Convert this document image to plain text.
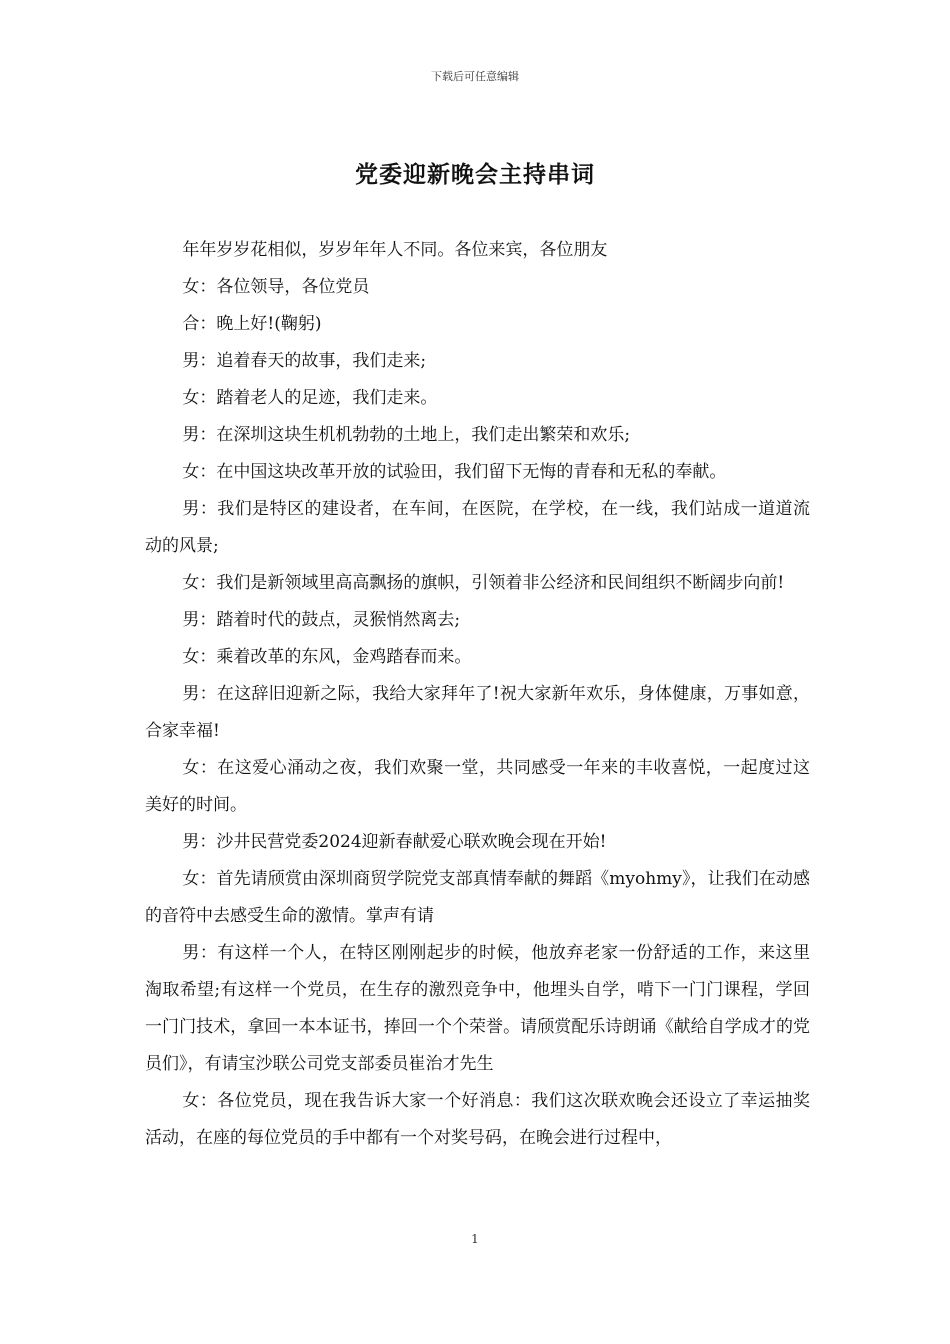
下载后可任意编辑
党委迎新晚会主持串词

年年岁岁花相似，岁岁年年人不同。各位来宾，各位朋友

女：各位领导，各位党员

合：晚上好!(鞠躬)

男：追着春天的故事，我们走来;

女：踏着老人的足迹，我们走来。

男：在深圳这块生机机勃勃的土地上，我们走出繁荣和欢乐;

女：在中国这块改革开放的试验田，我们留下无悔的青春和无私的奉献。

男：我们是特区的建设者，在车间，在医院，在学校，在一线，我们站成一道道流动的风景;

女：我们是新领域里高高飘扬的旗帜，引领着非公经济和民间组织不断阔步向前!

男：踏着时代的鼓点，灵猴悄然离去;

女：乘着改革的东风，金鸡踏春而来。

男：在这辞旧迎新之际，我给大家拜年了!祝大家新年欢乐，身体健康，万事如意，合家幸福!

女：在这爱心涌动之夜，我们欢聚一堂，共同感受一年来的丰收喜悦，一起度过这美好的时间。

男：沙井民营党委2024迎新春献爱心联欢晚会现在开始!

女：首先请颀赏由深圳商贸学院党支部真情奉献的舞蹈《myohmy》，让我们在动感的音符中去感受生命的激情。掌声有请

男：有这样一个人，在特区刚刚起步的时候，他放弃老家一份舒适的工作，来这里淘取希望;有这样一个党员，在生存的激烈竞争中，他埋头自学，啃下一门门课程，学回一门门技术，拿回一本本证书，捧回一个个荣誉。请颀赏配乐诗朗诵《献给自学成才的党员们》，有请宝沙联公司党支部委员崔治才先生

女：各位党员，现在我告诉大家一个好消息：我们这次联欢晚会还设立了幸运抽奖活动，在座的每位党员的手中都有一个对奖号码，在晚会进行过程中，

1
